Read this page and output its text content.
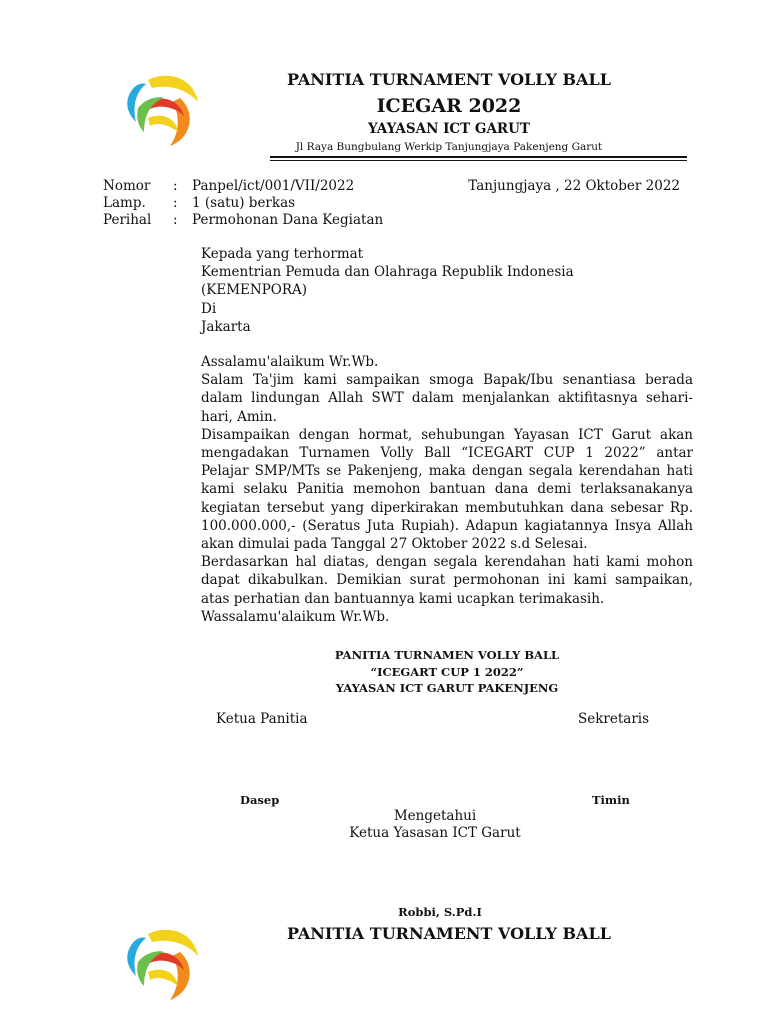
PANITIA TURNAMENT VOLLY BALL
ICEGAR 2022
YAYASAN ICT GARUT
Jl Raya Bungbulang Werkip Tanjungjaya Pakenjeng Garut
Nomor : Panpel/ict/001/VII/2022
Lamp. : 1 (satu) berkas
Perihal : Permohonan Dana Kegiatan
Tanjungjaya , 22 Oktober 2022
Kepada yang terhormat
Kementrian Pemuda dan Olahraga Republik Indonesia
(KEMENPORA)
Di
Jakarta

Assalamu'alaikum Wr.Wb.

Salam Ta'jim kami sampaikan smoga Bapak/Ibu senantiasa berada dalam lindungan Allah SWT dalam menjalankan aktifitasnya sehari-hari, Amin.

Disampaikan dengan hormat, sehubungan Yayasan ICT Garut akan mengadakan Turnamen Volly Ball “ICEGART CUP 1 2022” antar Pelajar SMP/MTs se Pakenjeng, maka dengan segala kerendahan hati kami selaku Panitia memohon bantuan dana demi terlaksanakanya kegiatan tersebut yang diperkirakan membutuhkan dana sebesar Rp. 100.000.000,- (Seratus Juta Rupiah). Adapun kagiatannya Insya Allah akan dimulai pada Tanggal 27 Oktober 2022 s.d Selesai.

Berdasarkan hal diatas, dengan segala kerendahan hati kami mohon dapat dikabulkan. Demikian surat permohonan ini kami sampaikan, atas perhatian dan bantuannya kami ucapkan terimakasih.

Wassalamu'alaikum Wr.Wb.

PANITIA TURNAMEN VOLLY BALL
“ICEGART CUP 1 2022”
YAYASAN ICT GARUT PAKENJENG
Ketua Panitia	Sekretaris
Dasep	Timin
Mengetahui
Ketua Yasasan ICT Garut
Robbi, S.Pd.I
PANITIA TURNAMENT VOLLY BALL
